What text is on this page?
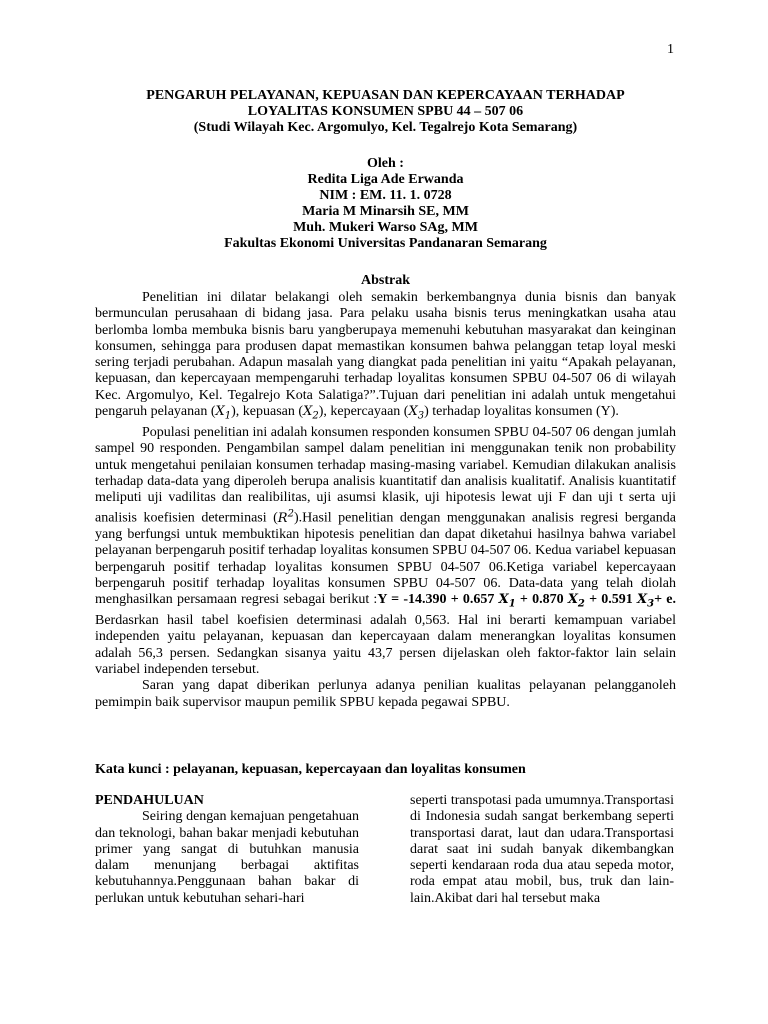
1
PENGARUH PELAYANAN, KEPUASAN DAN KEPERCAYAAN TERHADAP
LOYALITAS KONSUMEN SPBU 44 – 507 06
(Studi Wilayah Kec. Argomulyo, Kel. Tegalrejo Kota Semarang)
Oleh :
Redita Liga Ade Erwanda
NIM : EM. 11. 1. 0728
Maria M Minarsih SE, MM
Muh. Mukeri Warso SAg, MM
Fakultas Ekonomi Universitas Pandanaran Semarang
Abstrak

Penelitian ini dilatar belakangi oleh semakin berkembangnya dunia bisnis dan banyak bermunculan perusahaan di bidang jasa. Para pelaku usaha bisnis terus meningkatkan usaha atau berlomba lomba membuka bisnis baru yangberupaya memenuhi kebutuhan masyarakat dan keinginan konsumen, sehingga para produsen dapat memastikan konsumen bahwa pelanggan tetap loyal meski sering terjadi perubahan. Adapun masalah yang diangkat pada penelitian ini yaitu “Apakah pelayanan, kepuasan, dan kepercayaan mempengaruhi terhadap loyalitas konsumen SPBU 04-507 06 di wilayah Kec. Argomulyo, Kel. Tegalrejo Kota Salatiga?”.Tujuan dari penelitian ini adalah untuk mengetahui pengaruh pelayanan $(X_1)$, kepuasan $(X_2)$, kepercayaan $(X_3)$ terhadap loyalitas konsumen (Y).

Populasi penelitian ini adalah konsumen responden konsumen SPBU 04-507 06 dengan jumlah sampel 90 responden. Pengambilan sampel dalam penelitian ini menggunakan tenik non probability untuk mengetahui penilaian konsumen terhadap masing-masing variabel. Kemudian dilakukan analisis terhadap data-data yang diperoleh berupa analisis kuantitatif dan analisis kualitatif. Analisis kuantitatif meliputi uji vadilitas dan realibilitas, uji asumsi klasik, uji hipotesis lewat uji F dan uji t serta uji analisis koefisien determinasi $(R^2).Hasil$ penelitian dengan menggunakan analisis regresi berganda yang berfungsi untuk membuktikan hipotesis penelitian dan dapat diketahui hasilnya bahwa variabel pelayanan berpengaruh positif terhadap loyalitas konsumen SPBU 04-507 06. Kedua variabel kepuasan berpengaruh positif terhadap loyalitas konsumen SPBU 04-507 06.Ketiga variabel kepercayaan berpengaruh positif terhadap loyalitas konsumen SPBU 04-507 06. Data-data yang telah diolah menghasilkan persamaan regresi sebagai berikut :Y = -14.390 + 0.657 $X_1 + 0.870$ $X_2 + 0.591$ $X_3+ e$. Berdasrkan hasil tabel koefisien determinasi adalah 0,563. Hal ini berarti kemampuan variabel independen yaitu pelayanan, kepuasan dan kepercayaan dalam menerangkan loyalitas konsumen adalah 56,3 persen. Sedangkan sisanya yaitu 43,7 persen dijelaskan oleh faktor-faktor lain selain variabel independen tersebut.

Saran yang dapat diberikan perlunya adanya penilian kualitas pelayanan pelangganoleh pemimpin baik supervisor maupun pemilik SPBU kepada pegawai SPBU.

Kata kunci : pelayanan, kepuasan, kepercayaan dan loyalitas konsumen

PENDAHULUAN

Seiring dengan kemajuan pengetahuan dan teknologi, bahan bakar menjadi kebutuhan primer yang sangat di butuhkan manusia dalam menunjang berbagai aktifitas kebutuhannya.Penggunaan bahan bakar di perlukan untuk kebutuhan sehari-hari

seperti transpotasi pada umumnya.Transportasi di Indonesia sudah sangat berkembang seperti transportasi darat, laut dan udara.Transportasi darat saat ini sudah banyak dikembangkan seperti kendaraan roda dua atau sepeda motor, roda empat atau mobil, bus, truk dan lain-lain.Akibat dari hal tersebut maka
